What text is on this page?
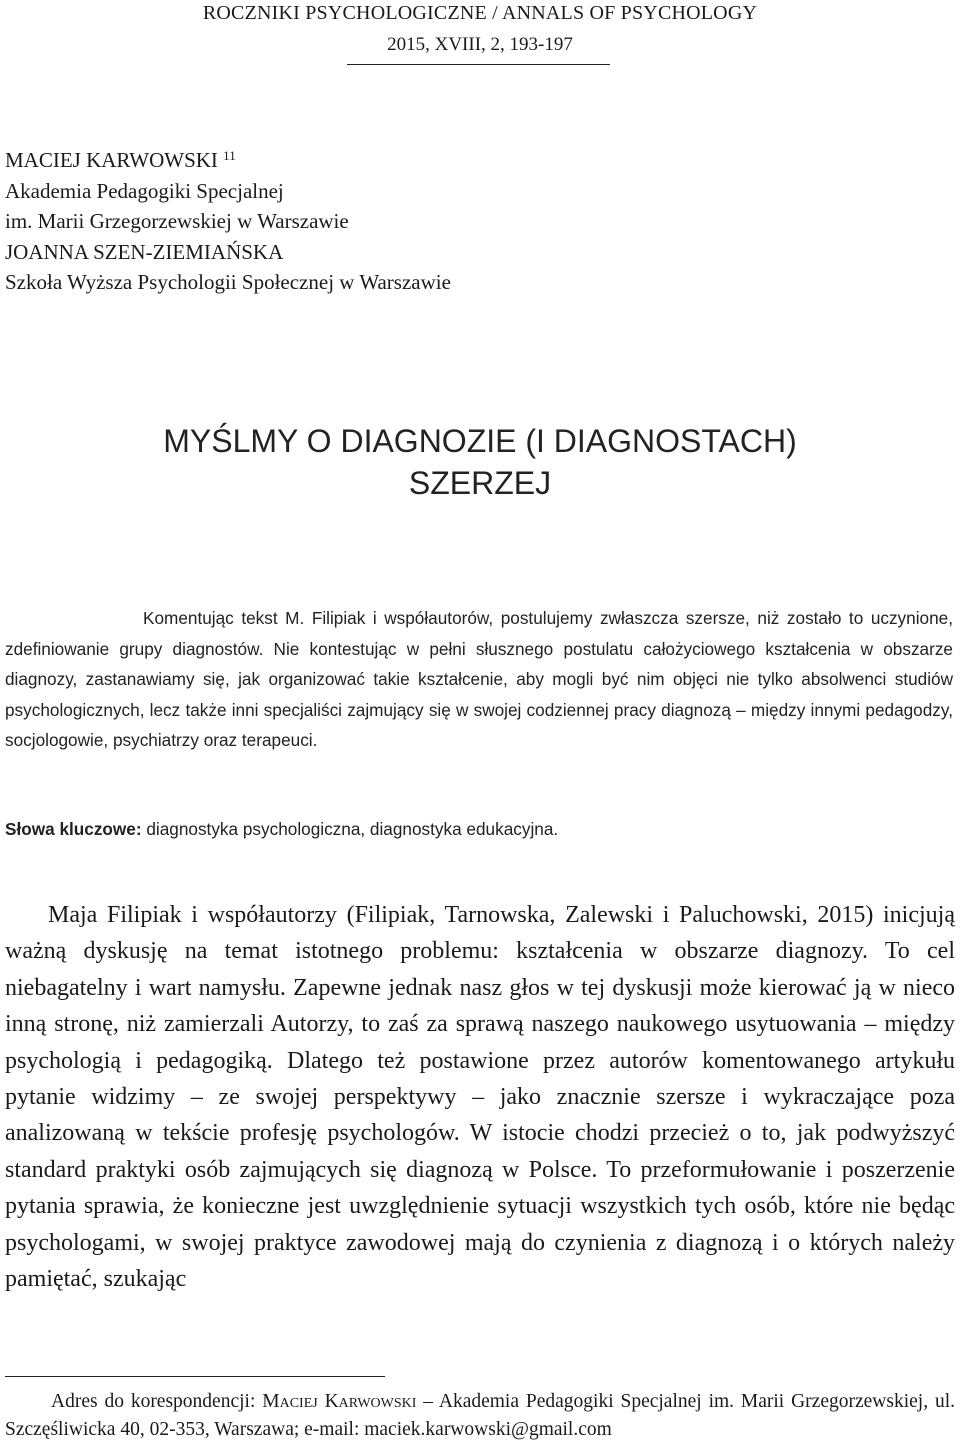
ROCZNIKI PSYCHOLOGICZNE / ANNALS OF PSYCHOLOGY
2015, XVIII, 2, 193-197
MACIEJ KARWOWSKI $^{11}$
Akademia Pedagogiki Specjalnej
im. Marii Grzegorzewskiej w Warszawie
JOANNA SZEN-ZIEMIAŃSKA
Szkoła Wyższa Psychologii Społecznej w Warszawie
MYŚLMY O DIAGNOZIE (I DIAGNOSTACH)
SZERZEJ

Komentując tekst M. Filipiak i współautorów, postulujemy zwłaszcza szersze, niż zostało to uczynione, zdefiniowanie grupy diagnostów. Nie kontestując w pełni słusznego postulatu całożyciowego kształcenia w obszarze diagnozy, zastanawiamy się, jak organizować takie kształcenie, aby mogli być nim objęci nie tylko absolwenci studiów psychologicznych, lecz także inni specjaliści zajmujący się w swojej codziennej pracy diagnozą – między innymi pedagodzy, socjologowie, psychiatrzy oraz terapeuci.

Słowa kluczowe: diagnostyka psychologiczna, diagnostyka edukacyjna.

Maja Filipiak i współautorzy (Filipiak, Tarnowska, Zalewski i Paluchowski, 2015) inicjują ważną dyskusję na temat istotnego problemu: kształcenia w obszarze diagnozy. To cel niebagatelny i wart namysłu. Zapewne jednak nasz głos w tej dyskusji może kierować ją w nieco inną stronę, niż zamierzali Autorzy, to zaś za sprawą naszego naukowego usytuowania – między psychologią i pedagogiką. Dlatego też postawione przez autorów komentowanego artykułu pytanie widzimy – ze swojej perspektywy – jako znacznie szersze i wykraczające poza analizowaną w tekście profesję psychologów. W istocie chodzi przecież o to, jak podwyższyć standard praktyki osób zajmujących się diagnozą w Polsce. To przeformułowanie i poszerzenie pytania sprawia, że konieczne jest uwzględnienie sytuacji wszystkich tych osób, które nie będąc psychologami, w swojej praktyce zawodowej mają do czynienia z diagnozą i o których należy pamiętać, szukając

Adres do korespondencji: Maciej Karwowski – Akademia Pedagogiki Specjalnej im. Marii Grzegorzewskiej, ul. Szczęśliwicka 40, 02-353, Warszawa; e-mail: maciek.karwowski@gmail.com
